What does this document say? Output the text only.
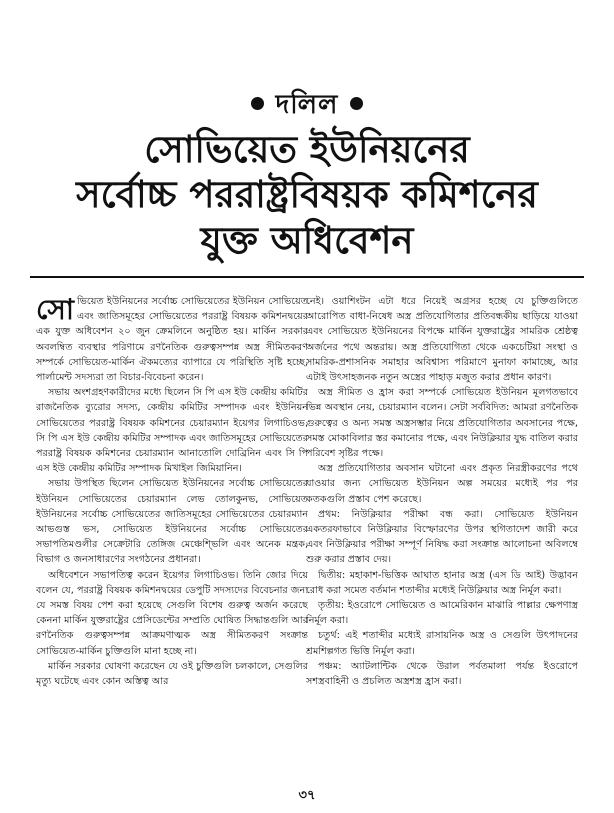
দলিল
সোভিয়েত ইউনিয়নের
সর্বোচ্চ পররাষ্ট্রবিষয়ক কমিশনের
যুক্ত অধিবেশন

সোভিয়েত ইউনিয়নের সর্বোচ্চ সোভিয়েতের ইউনিয়ন সোভিয়েত এবং জাতিসমূহের সোভিয়েতের পররাষ্ট্র বিষয়ক কমিশনদ্বয়ের এক যুক্ত অধিবেশন ২০ জুন ক্রেমলিনে অনুষ্ঠিত হয়। মার্কিন সরকার অবলম্বিত ব্যবস্থার পরিণামে রণনৈতিক গুরুত্বসম্পন্ন অস্ত্র সীমিতকরণ সম্পর্কে সোভিয়েত-মার্কিন ঐকমত্যের ব্যাপারে যে পরিস্থিতি সৃষ্টি হচ্ছে, পার্লামেন্ট সদস্যরা তা বিচার-বিবেচনা করেন।

সভায় অংশগ্রহণকারীদের মধ্যে ছিলেন সি পি এস ইউ কেন্দ্রীয় কমিটির রাজনৈতিক ব্যুরোর সদস্য, কেন্দ্রীয় কমিটির সম্পাদক এবং ইউনিয়ন সোভিয়েতের পররাষ্ট্র বিষয়ক কমিশনের চেয়ারম্যান ইয়েগর লিগাচিওভ, সি পি এস ইউ কেন্দ্রীয় কমিটির সম্পাদক এবং জাতিসমূহের সোভিয়েতের পররাষ্ট্র বিষয়ক কমিশনের চেয়ারম্যান আনাতোলি দোব্রিনিন এবং সি পি এস ইউ কেন্দ্রীয় কমিটির সম্পাদক মিখাইল জিমিয়ানিন।

সভায় উপস্থিত ছিলেন সোভিয়েত ইউনিয়নের সর্বোচ্চ সোভিয়েতের ইউনিয়ন সোভিয়েতের চেয়ারম্যান লেভ তোলকুনভ, সোভিয়েত ইউনিয়নের সর্বোচ্চ সোভিয়েতের জাতিসমূহের সোভিয়েতের চেয়ারম্যান আভগুস্ত ভস, সোভিয়েত ইউনিয়নের সর্বোচ্চ সোভিয়েতের সভাপতিমণ্ডলীর সেক্রেটারি তেঙ্গিজ মেঞ্চেশ্ভিলি এবং অনেক মন্ত্রক, বিভাগ ও জনসাধারণের সংগঠনের প্রধানরা।

অধিবেশনে সভাপতিত্ব করেন ইয়েগর লিগাচিওভ। তিনি জোর দিয়ে বলেন যে, পররাষ্ট্র বিষয়ক কমিশনদ্বয়ের ডেপুটি সদস্যদের বিবেচনার জন্য যে সমস্ত বিষয় পেশ করা হয়েছে সেগুলি বিশেষ গুরুত্ব অর্জন করেছে কেননা মার্কিন যুক্তরাষ্ট্রের প্রেসিডেন্টের সম্প্রতি ঘোষিত সিদ্ধান্তগুলি আর রণনৈতিক গুরুত্বসম্পন্ন আক্রমণাত্মক অস্ত্র সীমিতকরণ সংক্রান্ত সোভিয়েত-মার্কিন চুক্তিগুলি মানা হচ্ছে না।

মার্কিন সরকার ঘোষণা করেছেন যে ওই চুক্তিগুলি চলকালে, সেগুলির মৃত্যু ঘটেছে এবং কোন অস্তিত্ব আর

নেই। ওয়াশিংটন এটা ধরে নিয়েই অগ্রসর হচ্ছে যে চুক্তিগুলিতে আরোপিত বাধা-নিষেধ অস্ত্র প্রতিযোগিতার প্রতিবন্ধকীয় ছাড়িয়ে যাওয়া এবং সোভিয়েত ইউনিয়নের বিপক্ষে মার্কিন যুক্তরাষ্ট্রের সামরিক শ্রেষ্ঠত্ব অর্জনের পথে অন্তরায়। অস্ত্র প্রতিযোগিতা থেকে একচেটিয়া সংস্থা ও সামরিক-প্রশাসনিক সমাহার অবিশ্বাস্য পরিমাণে মুনাফা কামাচ্ছে, আর এটাই উৎসাহজনক নতুন অস্ত্রের পাহাড় মজুত করার প্রধান কারণ।

অস্ত্র সীমিত ও হ্রাস করা সম্পর্কে সোভিয়েত ইউনিয়ন মূলগতভাবে ভিন্ন অবস্থান নেয়, চেয়ারম্যান বলেন। সেটা সর্ববিদিত: আমরা রণনৈতিক গুরুত্বের ও অন্য সমস্ত অস্ত্রসম্ভার নিয়ে প্রতিযোগিতার অবসানের পক্ষে, সমস্ত মোকাবিলার স্তর কমানোর পক্ষে, এবং নিউক্লিয়ার যুদ্ধ বাতিল করার পরিবেশ সৃষ্টির পক্ষে।

অস্ত্র প্রতিযোগিতার অবসান ঘটানো এবং প্রকৃত নিরস্ত্রীকরণের পথে যাওয়ার জন্য সোভিয়েত ইউনিয়ন অল্প সময়ের মধ্যেই পর পর কতকগুলি প্রস্তাব পেশ করেছে।

প্রথম: নিউক্লিয়ার পরীক্ষা বন্ধ করা। সোভিয়েত ইউনিয়ন একতরফাভাবে নিউক্লিয়ার বিস্ফোরণের উপর স্থগিতাদেশ জারী করে এবং নিউক্লিয়ার পরীক্ষা সম্পূর্ণ নিষিদ্ধ করা সংক্রান্ত আলোচনা অবিলম্বে শুরু করার প্রস্তাব দেয়।

দ্বিতীয়: মহাকাশ-ভিত্তিক আঘাত হানার অস্ত্র (এস ডি আই) উদ্ভাবন রোধ করা সমেত বর্তমান শতাব্দীর মধ্যেই নিউক্লিয়ার অস্ত্র নির্মূল করা।

তৃতীয়: ইওরোপে সোভিয়েত ও আমেরিকান মাঝারি পাল্লার ক্ষেপণাস্ত্র নির্মূল করা।

চতুর্থ: এই শতাব্দীর মধ্যেই রাসায়নিক অস্ত্র ও সেগুলি উৎপাদনের শ্রমশিল্পগত ভিত্তি নির্মূল করা।

পঞ্চম: অ্যাটলান্টিক থেকে উরাল পর্বতমালা পর্যন্ত ইওরোপে সশস্ত্রবাহিনী ও প্রচলিত অস্ত্রশস্ত্র হ্রাস করা।

৩৭
